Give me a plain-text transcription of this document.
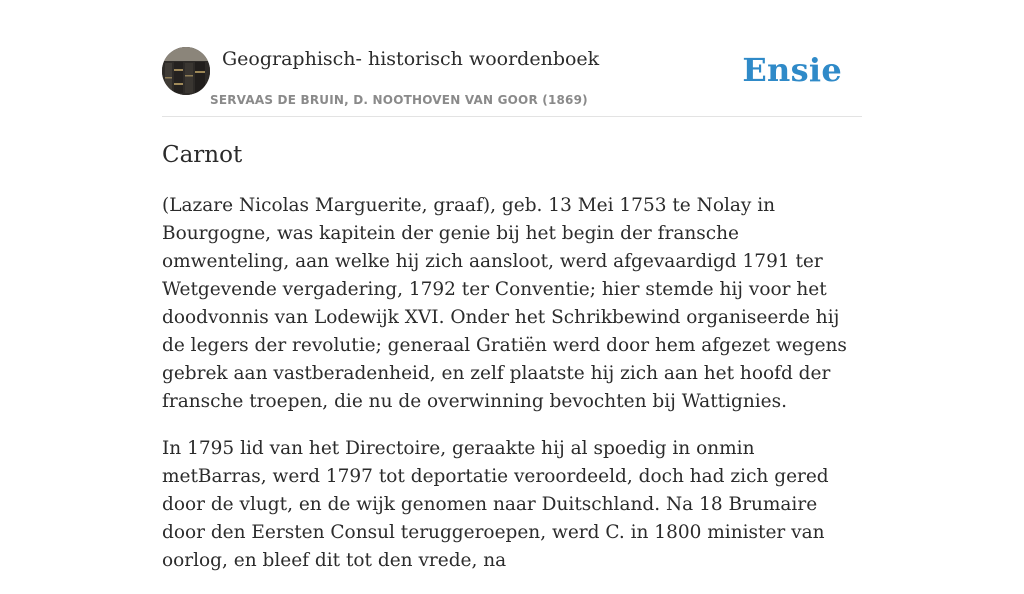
Geographisch- historisch woordenboek
SERVAAS DE BRUIN, D. NOOTHOVEN VAN GOOR (1869)
Ensie
Carnot

(Lazare Nicolas Marguerite, graaf), geb. 13 Mei 1753 te Nolay in Bourgogne, was kapitein der genie bij het begin der fransche omwenteling, aan welke hij zich aansloot, werd afgevaardigd 1791 ter Wetgevende vergadering, 1792 ter Conventie; hier stemde hij voor het doodvonnis van Lodewijk XVI. Onder het Schrikbewind organiseerde hij de legers der revolutie; generaal Gratiën werd door hem afgezet wegens gebrek aan vastberadenheid, en zelf plaatste hij zich aan het hoofd der fransche troepen, die nu de overwinning bevochten bij Wattignies.

In 1795 lid van het Directoire, geraakte hij al spoedig in onmin metBarras, werd 1797 tot deportatie veroordeeld, doch had zich gered door de vlugt, en de wijk genomen naar Duitschland. Na 18 Brumaire door den Eersten Consul teruggeroepen, werd C. in 1800 minister van oorlog, en bleef dit tot den vrede, na
